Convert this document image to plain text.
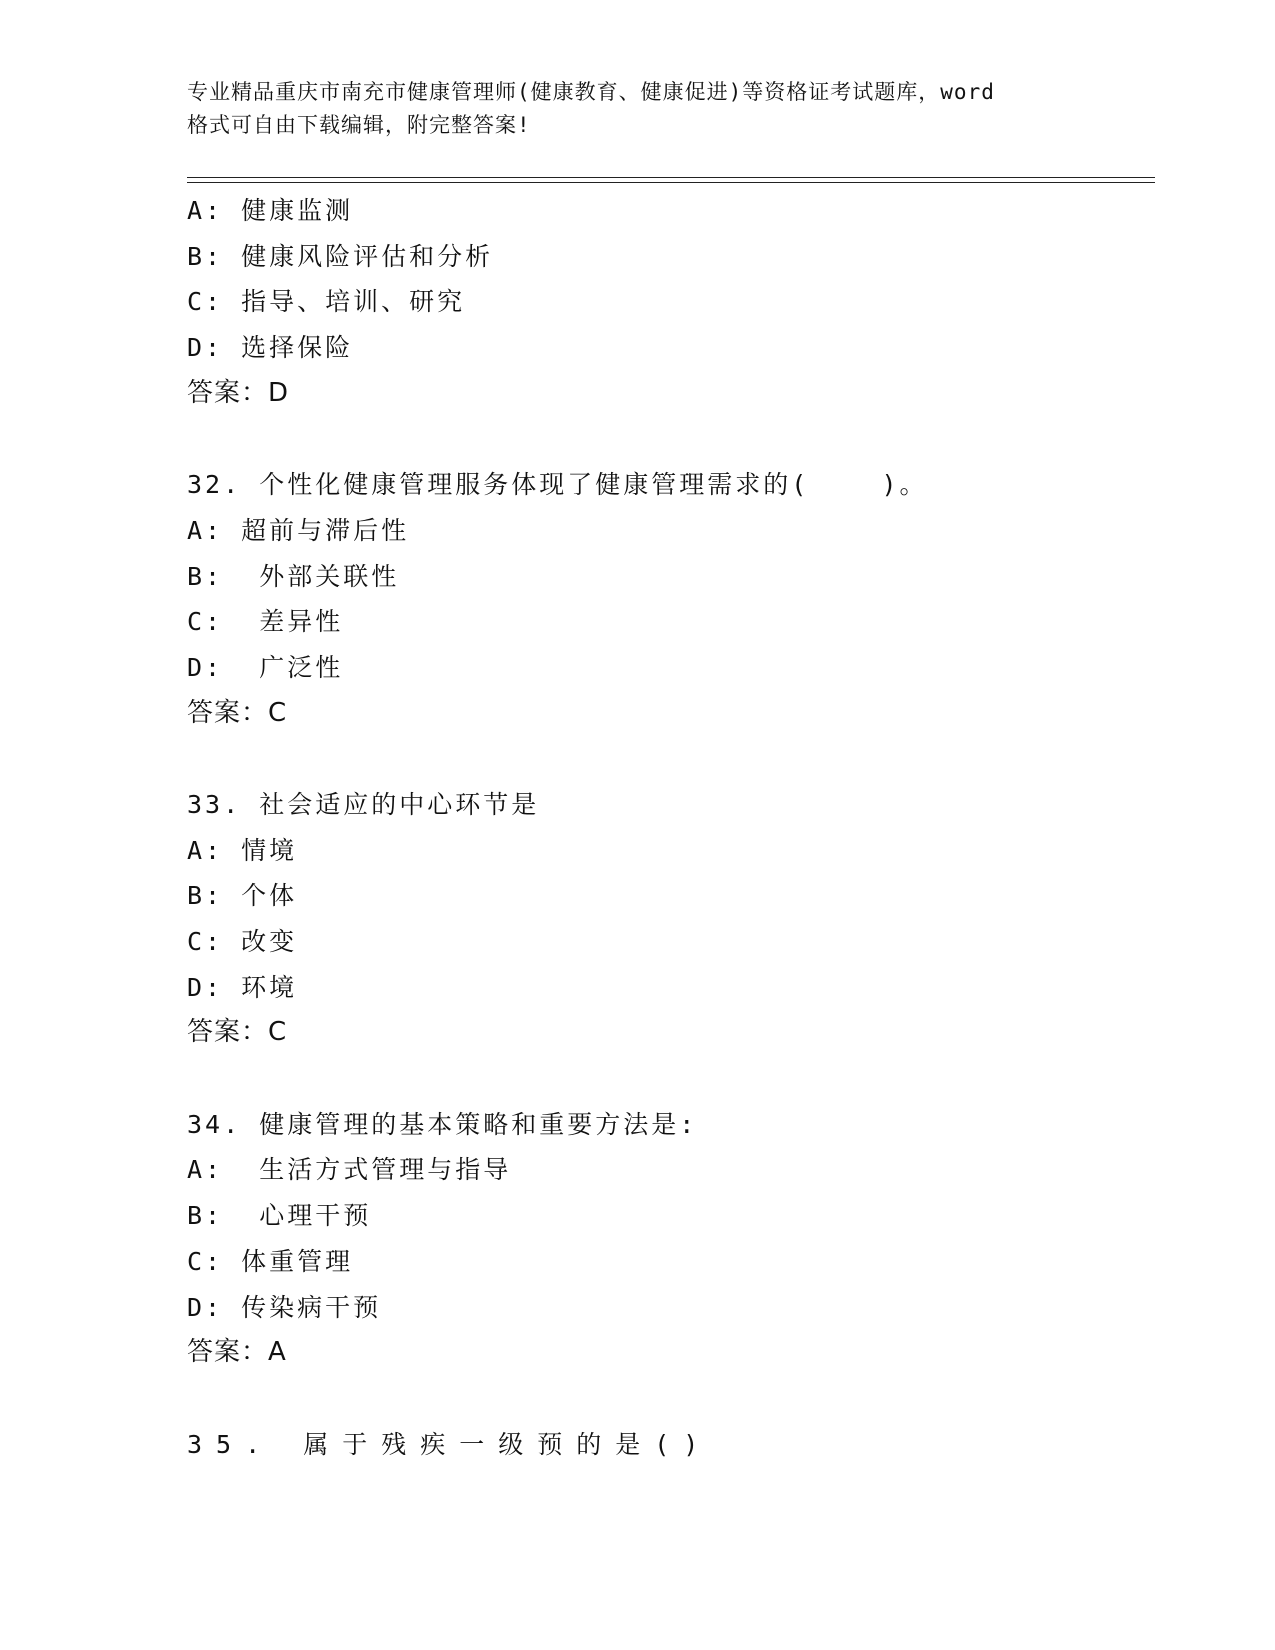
专业精品重庆市南充市健康管理师(健康教育、健康促进)等资格证考试题库，word
格式可自由下载编辑，附完整答案!
A: 健康监测
B: 健康风险评估和分析
C: 指导、培训、研究
D: 选择保险
答案：D
32. 个性化健康管理服务体现了健康管理需求的(    )。
A: 超前与滞后性
B:  外部关联性
C:  差异性
D:  广泛性
答案：C
33. 社会适应的中心环节是
A: 情境
B: 个体
C: 改变
D: 环境
答案：C
34. 健康管理的基本策略和重要方法是:
A:  生活方式管理与指导
B:  心理干预
C: 体重管理
D: 传染病干预
答案：A
35. 属于残疾一级预的是()
